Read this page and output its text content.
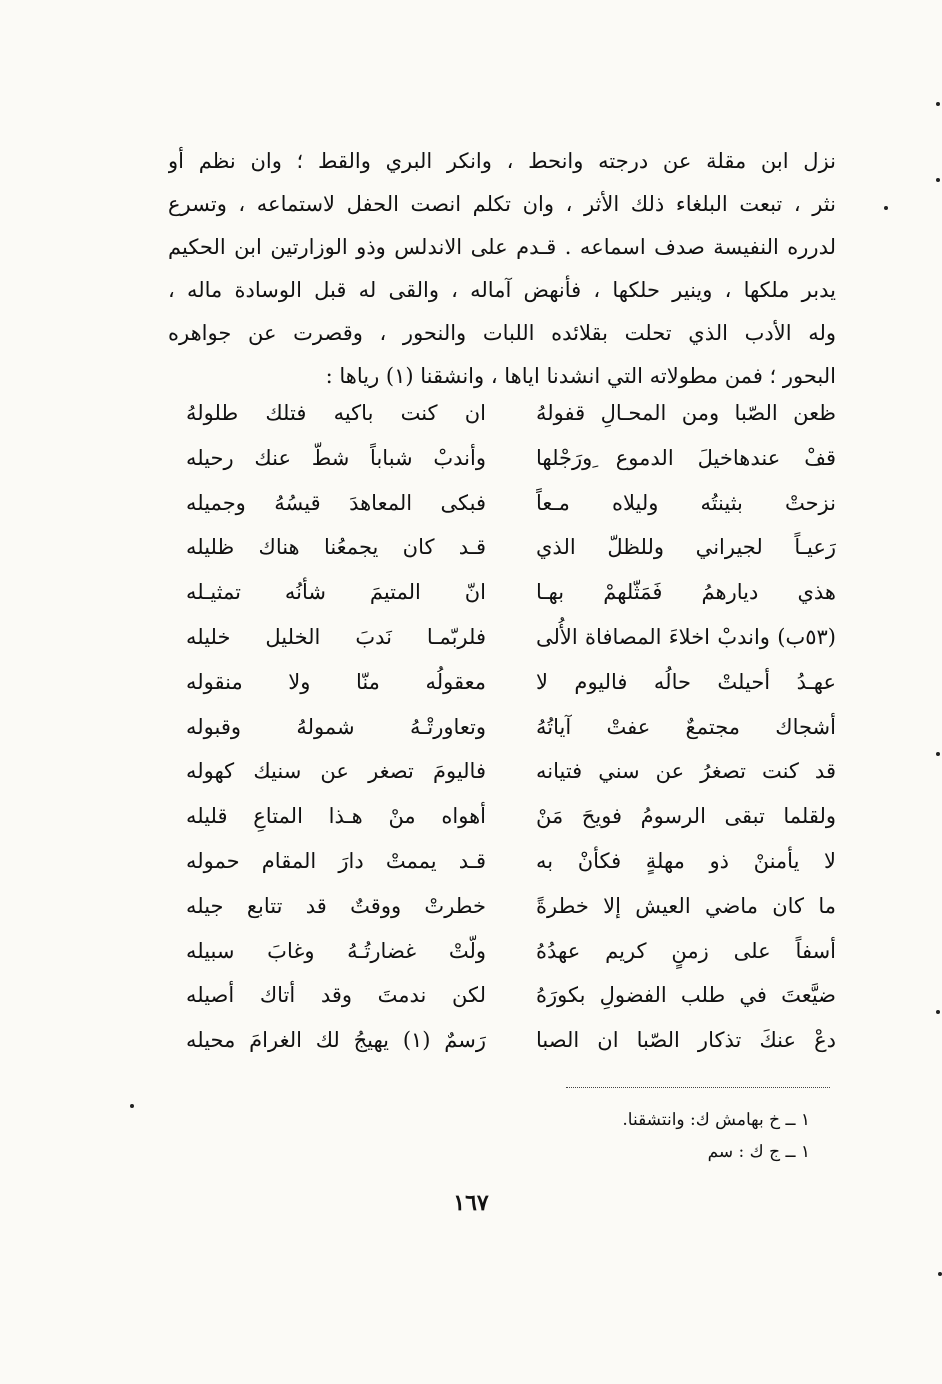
نزل ابن مقلة عن درجته وانحط ، وانكر البري والقط ؛ وان نظم أو
نثر ، تبعت البلغاء ذلك الأثر ، وان تكلم انصت الحفل لاستماعه ، وتسرع
لدرره النفيسة صدف اسماعه . قـدم على الاندلس وذو الوزارتين ابن الحكيم
يدبر ملكها ، وينير حلكها ، فأنهض آماله ، والقى له قبل الوسادة ماله ،
وله الأدب الذي تحلت بقلائده اللبات والنحور ، وقصرت عن جواهره
البحور ؛ فمن مطولاته التي انشدنا اياها ، وانشقنا (١) رياها :
ظعن الصّبا ومن المحـالِ قفولهُ
ان كنت باكيه فتلك طلولهُ
قفْ عندهاخيلَ الدموع ِورَجْلها
وأندبْ شباباً شطّ عنك رحيله
نزحتْ بثينتُه وليلاه مـعاً
فبكى المعاهدَ قيسُهُ وجميله
رَعيـاً لجيراني وللظلّ الذي
قـد كان يجمعُنا هناك ظليله
هذي ديارهمُ فَمَثّلهمْ بهـا
انّ المتيمَ شأنُه تمثيـله
(٥٣ب) واندبْ اخلاءَ المصافاة الأُلى
فلربّمـا نَدبَ الخليل خليله
عهـدُ أحيلتْ حالُه فاليوم لا
معقولُه منّا ولا منقوله
أشجاك مجتمعٌ عفتْ آياتُهُ
وتعاورتْـهُ شمولهُ وقبوله
قد كنت تصغرُ عن سني فتيانه
فاليومَ تصغر عن سنيك كهوله
ولقلما تبقى الرسومُ فويحَ مَنْ
أهواه منْ هـذا المتاعِ قليله
لا يأمننْ ذو مهلةٍ فكأنْ به
قـد يممتْ دارَ المقام حموله
ما كان ماضي العيش إلا خطرةً
خطرتْ ووقتٌ قد تتابع جيله
أسفاً على زمنٍ كريم عهدُهُ
ولّتْ غضارتُـهُ وغابَ سبيله
ضيَّعتَ في طلب الفضولِ بكورَهُ
لكن ندمتَ وقد أتاك أصيله
دعْ عنكَ تذكار الصّبا ان الصبا
رَسمٌ (١) يهيجُ لك الغرامَ محيله
١ ــ خ بهامش ك: وانتشقنا.
١ ــ ج ك : سم
١٦٧
